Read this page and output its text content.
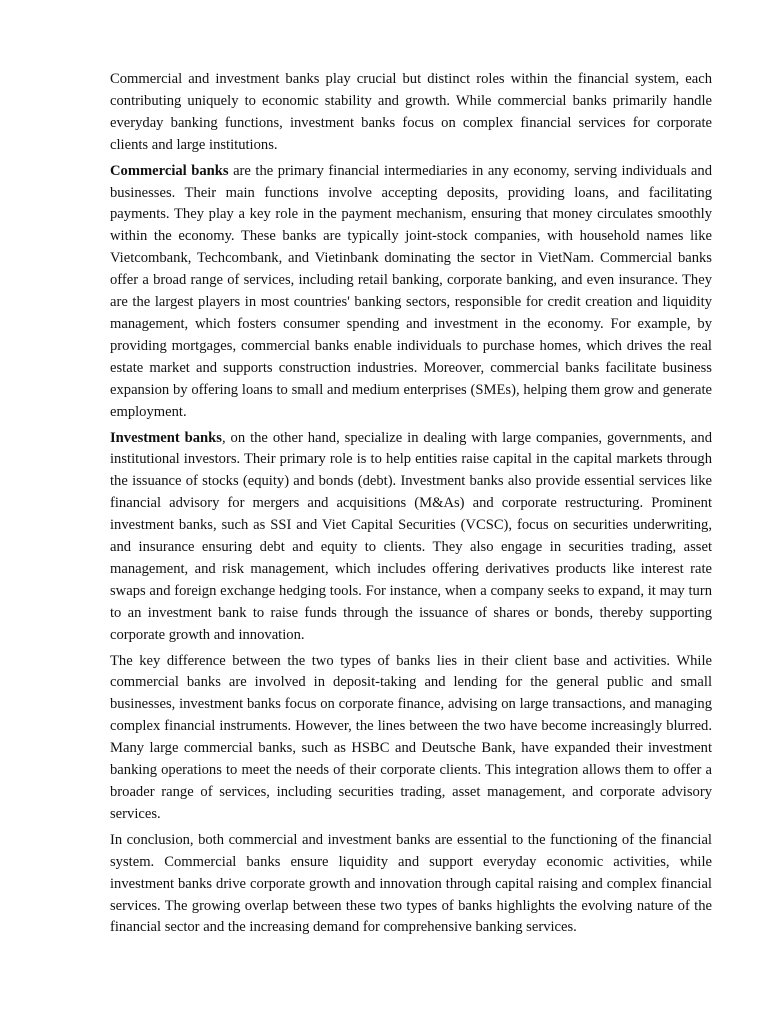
Commercial and investment banks play crucial but distinct roles within the financial system, each contributing uniquely to economic stability and growth. While commercial banks primarily handle everyday banking functions, investment banks focus on complex financial services for corporate clients and large institutions.

Commercial banks are the primary financial intermediaries in any economy, serving individuals and businesses. Their main functions involve accepting deposits, providing loans, and facilitating payments. They play a key role in the payment mechanism, ensuring that money circulates smoothly within the economy. These banks are typically joint-stock companies, with household names like Vietcombank, Techcombank, and Vietinbank dominating the sector in VietNam. Commercial banks offer a broad range of services, including retail banking, corporate banking, and even insurance. They are the largest players in most countries' banking sectors, responsible for credit creation and liquidity management, which fosters consumer spending and investment in the economy. For example, by providing mortgages, commercial banks enable individuals to purchase homes, which drives the real estate market and supports construction industries. Moreover, commercial banks facilitate business expansion by offering loans to small and medium enterprises (SMEs), helping them grow and generate employment.

Investment banks, on the other hand, specialize in dealing with large companies, governments, and institutional investors. Their primary role is to help entities raise capital in the capital markets through the issuance of stocks (equity) and bonds (debt). Investment banks also provide essential services like financial advisory for mergers and acquisitions (M&As) and corporate restructuring. Prominent investment banks, such as SSI and Viet Capital Securities (VCSC), focus on securities underwriting, and insurance ensuring debt and equity to clients. They also engage in securities trading, asset management, and risk management, which includes offering derivatives products like interest rate swaps and foreign exchange hedging tools. For instance, when a company seeks to expand, it may turn to an investment bank to raise funds through the issuance of shares or bonds, thereby supporting corporate growth and innovation.

The key difference between the two types of banks lies in their client base and activities. While commercial banks are involved in deposit-taking and lending for the general public and small businesses, investment banks focus on corporate finance, advising on large transactions, and managing complex financial instruments. However, the lines between the two have become increasingly blurred. Many large commercial banks, such as HSBC and Deutsche Bank, have expanded their investment banking operations to meet the needs of their corporate clients. This integration allows them to offer a broader range of services, including securities trading, asset management, and corporate advisory services.

In conclusion, both commercial and investment banks are essential to the functioning of the financial system. Commercial banks ensure liquidity and support everyday economic activities, while investment banks drive corporate growth and innovation through capital raising and complex financial services. The growing overlap between these two types of banks highlights the evolving nature of the financial sector and the increasing demand for comprehensive banking services.
